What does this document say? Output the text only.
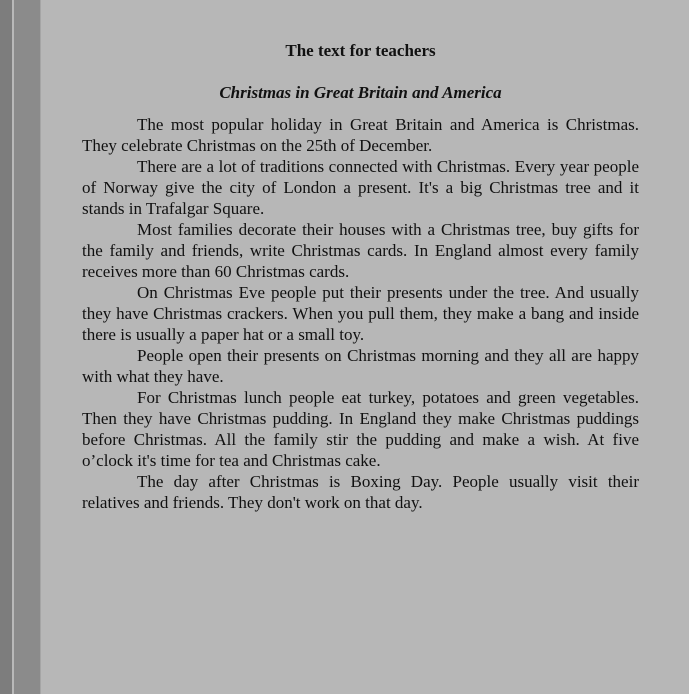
The text for teachers
Christmas in Great Britain and America

The most popular holiday in Great Britain and America is Christmas. They celebrate Christmas on the 25th of December.

There are a lot of traditions connected with Christmas. Every year people of Norway give the city of London a present. It's a big Christmas tree and it stands in Trafalgar Square.

Most families decorate their houses with a Christmas tree, buy gifts for the family and friends, write Christmas cards. In England almost every family receives more than 60 Christmas cards.

On Christmas Eve people put their presents under the tree. And usually they have Christmas crackers. When you pull them, they make a bang and inside there is usually a paper hat or a small toy.

People open their presents on Christmas morning and they all are happy with what they have.

For Christmas lunch people eat turkey, potatoes and green vegetables. Then they have Christmas pudding. In England they make Christmas puddings before Christmas. All the family stir the pudding and make a wish. At five o’clock it's time for tea and Christmas cake.

The day after Christmas is Boxing Day. People usually visit their relatives and friends. They don't work on that day.
